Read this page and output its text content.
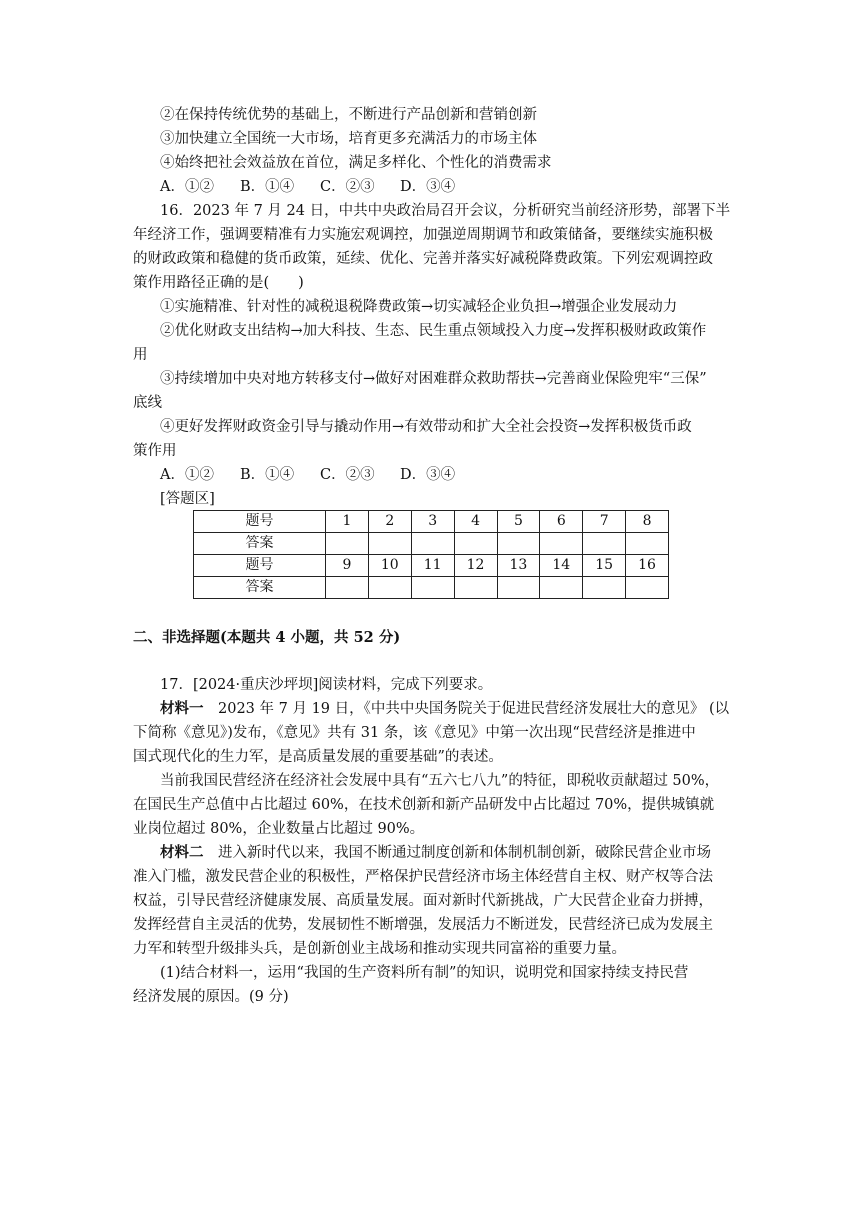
②在保持传统优势的基础上，不断进行产品创新和营销创新
③加快建立全国统一大市场，培育更多充满活力的市场主体
④始终把社会效益放在首位，满足多样化、个性化的消费需求
A．①② B．①④ C．②③ D．③④
16．2023 年 7 月 24 日，中共中央政治局召开会议，分析研究当前经济形势，部署下半
年经济工作，强调要精准有力实施宏观调控，加强逆周期调节和政策储备，要继续实施积极
的财政政策和稳健的货币政策，延续、优化、完善并落实好减税降费政策。下列宏观调控政
策作用路径正确的是(　　)
①实施精准、针对性的减税退税降费政策→切实减轻企业负担→增强企业发展动力
②优化财政支出结构→加大科技、生态、民生重点领域投入力度→发挥积极财政政策作
用
③持续增加中央对地方转移支付→做好对困难群众救助帮扶→完善商业保险兜牢“三保”
底线
④更好发挥财政资金引导与撬动作用→有效带动和扩大全社会投资→发挥积极货币政
策作用
A．①② B．①④ C．②③ D．③④
[答题区]
题号	1	2	3	4	5	6	7	8
答案								
题号	9	10	11	12	13	14	15	16
答案								
二、非选择题(本题共 4 小题，共 52 分)
17．[2024·重庆沙坪坝]阅读材料，完成下列要求。
材料一　2023 年 7 月 19 日，《中共中央国务院关于促进民营经济发展壮大的意见》 (以
下简称《意见》)发布，《意见》共有 31 条，该《意见》中第一次出现“民营经济是推进中
国式现代化的生力军，是高质量发展的重要基础”的表述。
当前我国民营经济在经济社会发展中具有“五六七八九”的特征，即税收贡献超过 50%，
在国民生产总值中占比超过 60%，在技术创新和新产品研发中占比超过 70%，提供城镇就
业岗位超过 80%，企业数量占比超过 90%。
材料二　进入新时代以来，我国不断通过制度创新和体制机制创新，破除民营企业市场
准入门槛，激发民营企业的积极性，严格保护民营经济市场主体经营自主权、财产权等合法
权益，引导民营经济健康发展、高质量发展。面对新时代新挑战，广大民营企业奋力拼搏，
发挥经营自主灵活的优势，发展韧性不断增强，发展活力不断迸发，民营经济已成为发展主
力军和转型升级排头兵，是创新创业主战场和推动实现共同富裕的重要力量。
(1)结合材料一，运用“我国的生产资料所有制”的知识，说明党和国家持续支持民营
经济发展的原因。(9 分)
